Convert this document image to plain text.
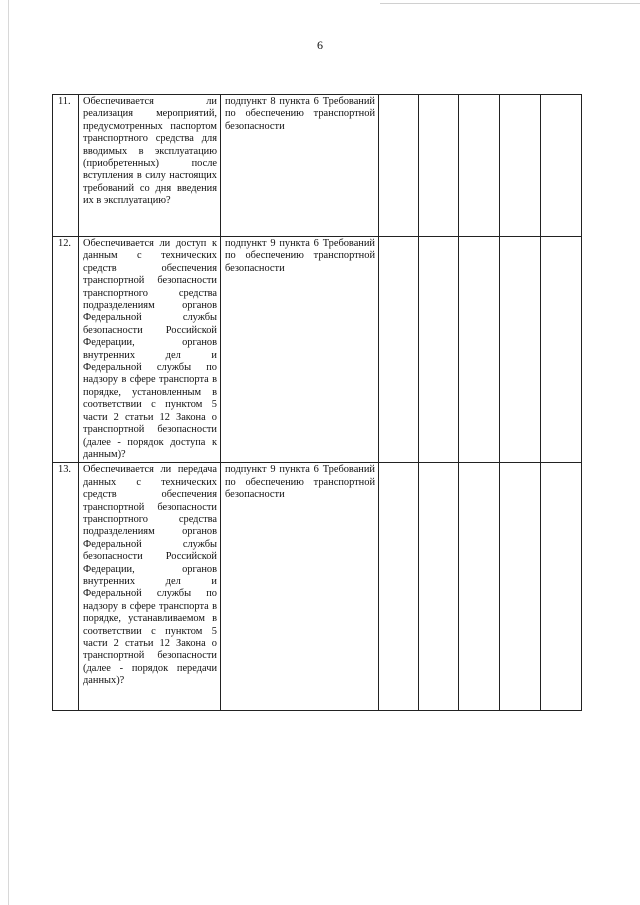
6
11.	Обеспечивается ли реализация мероприятий, предусмотренных паспортом транспортного средства для вводимых в эксплуатацию (приобретенных) после вступления в силу настоящих требований со дня введения их в эксплуатацию?	подпункт 8 пункта 6 Требований по обеспечению транспортной безопасности					

12.	Обеспечивается ли доступ к данным с технических средств обеспечения транспортной безопасности транспортного средства подразделениям органов Федеральной службы безопасности Российской Федерации, органов внутренних дел и Федеральной службы по надзору в сфере транспорта в порядке, установленным в соответствии с пунктом 5 части 2 статьи 12 Закона о транспортной безопасности (далее - порядок доступа к данным)?	подпункт 9 пункта 6 Требований по обеспечению транспортной безопасности					

13.	Обеспечивается ли передача данных с технических средств обеспечения транспортной безопасности транспортного средства подразделениям органов Федеральной службы безопасности Российской Федерации, органов внутренних дел и Федеральной службы по надзору в сфере транспорта в порядке, устанавливаемом в соответствии с пунктом 5 части 2 статьи 12 Закона о транспортной безопасности (далее - порядок передачи данных)?	подпункт 9 пункта 6 Требований по обеспечению транспортной безопасности					
